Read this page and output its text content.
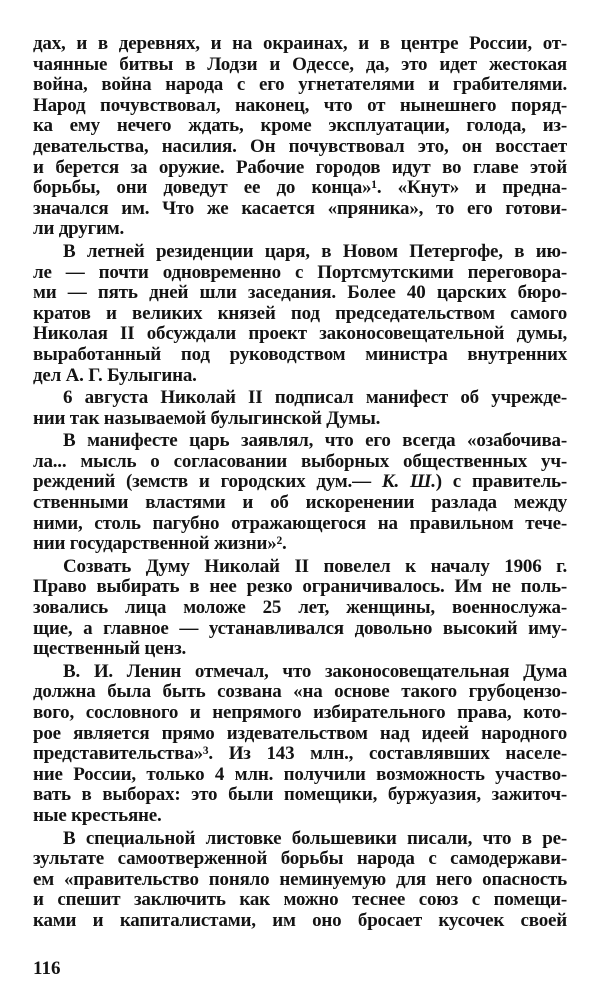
дах, и в деревнях, и на окраинах, и в центре России, от-
чаянные битвы в Лодзи и Одессе, да, это идет жестокая
война, война народа с его угнетателями и грабителями.
Народ почувствовал, наконец, что от нынешнего поряд-
ка ему нечего ждать, кроме эксплуатации, голода, из-
девательства, насилия. Он почувствовал это, он восстает
и берется за оружие. Рабочие городов идут во главе этой
борьбы, они доведут ее до конца»¹. «Кнут» и предна-
значался им. Что же касается «пряника», то его готови-
ли другим.
В летней резиденции царя, в Новом Петергофе, в ию-
ле — почти одновременно с Портсмутскими переговора-
ми — пять дней шли заседания. Более 40 царских бюро-
кратов и великих князей под председательством самого
Николая II обсуждали проект законосовещательной думы,
выработанный под руководством министра внутренних
дел А. Г. Булыгина.
6 августа Николай II подписал манифест об учрежде-
нии так называемой булыгинской Думы.
В манифесте царь заявлял, что его всегда «озабочива-
ла... мысль о согласовании выборных общественных уч-
реждений (земств и городских дум.— К. Ш.) с правитель-
ственными властями и об искоренении разлада между
ними, столь пагубно отражающегося на правильном тече-
нии государственной жизни»².
Созвать Думу Николай II повелел к началу 1906 г.
Право выбирать в нее резко ограничивалось. Им не поль-
зовались лица моложе 25 лет, женщины, военнослужа-
щие, а главное — устанавливался довольно высокий иму-
щественный ценз.
В. И. Ленин отмечал, что законосовещательная Дума
должна была быть созвана «на основе такого грубоцензо-
вого, сословного и непрямого избирательного права, кото-
рое является прямо издевательством над идеей народного
представительства»³. Из 143 млн., составлявших населе-
ние России, только 4 млн. получили возможность участво-
вать в выборах: это были помещики, буржуазия, зажиточ-
ные крестьяне.
В специальной листовке большевики писали, что в ре-
зультате самоотверженной борьбы народа с самодержави-
ем «правительство поняло неминуемую для него опасность
и спешит заключить как можно теснее союз с помещи-
ками и капиталистами, им оно бросает кусочек своей
116
